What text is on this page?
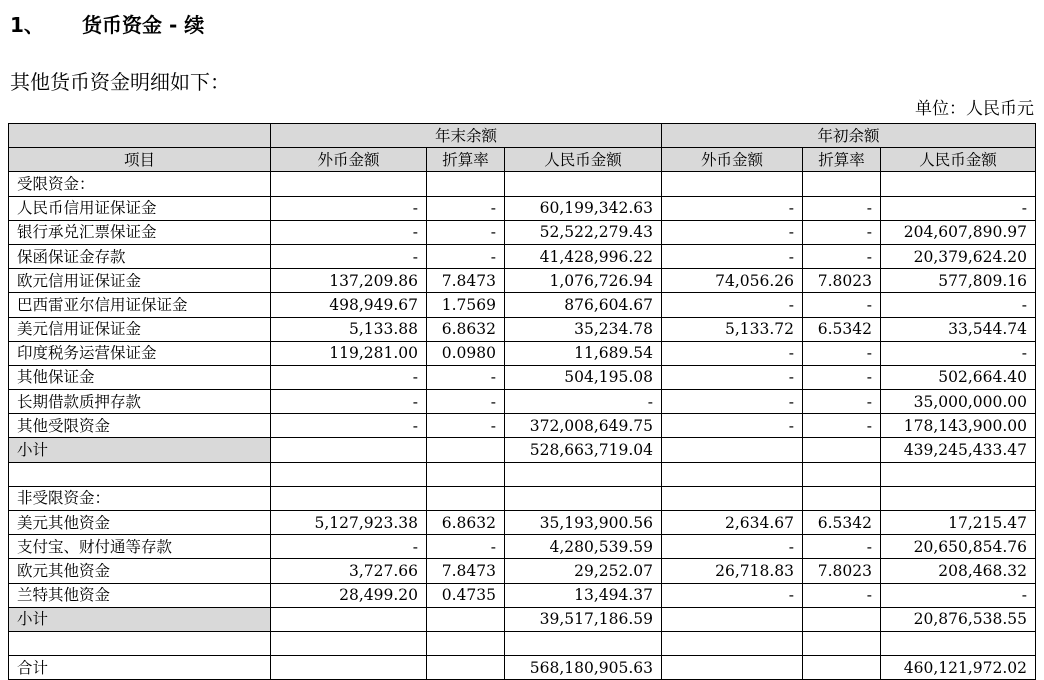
1、 货币资金 - 续
其他货币资金明细如下：
单位：人民币元
	年末余额			年初余额		
项目	外币金额	折算率	人民币金额	外币金额	折算率	人民币金额
受限资金：						
人民币信用证保证金	-	-	60,199,342.63	-	-	-
银行承兑汇票保证金	-	-	52,522,279.43	-	-	204,607,890.97
保函保证金存款	-	-	41,428,996.22	-	-	20,379,624.20
欧元信用证保证金	137,209.86	7.8473	1,076,726.94	74,056.26	7.8023	577,809.16
巴西雷亚尔信用证保证金	498,949.67	1.7569	876,604.67	-	-	-
美元信用证保证金	5,133.88	6.8632	35,234.78	5,133.72	6.5342	33,544.74
印度税务运营保证金	119,281.00	0.0980	11,689.54	-	-	-
其他保证金	-	-	504,195.08	-	-	502,664.40
长期借款质押存款	-	-	-	-	-	35,000,000.00
其他受限资金	-	-	372,008,649.75	-	-	178,143,900.00
小计			528,663,719.04			439,245,433.47

非受限资金：						
美元其他资金	5,127,923.38	6.8632	35,193,900.56	2,634.67	6.5342	17,215.47
支付宝、财付通等存款	-	-	4,280,539.59	-	-	20,650,854.76
欧元其他资金	3,727.66	7.8473	29,252.07	26,718.83	7.8023	208,468.32
兰特其他资金	28,499.20	0.4735	13,494.37	-	-	-
小计			39,517,186.59			20,876,538.55

合计			568,180,905.63			460,121,972.02
